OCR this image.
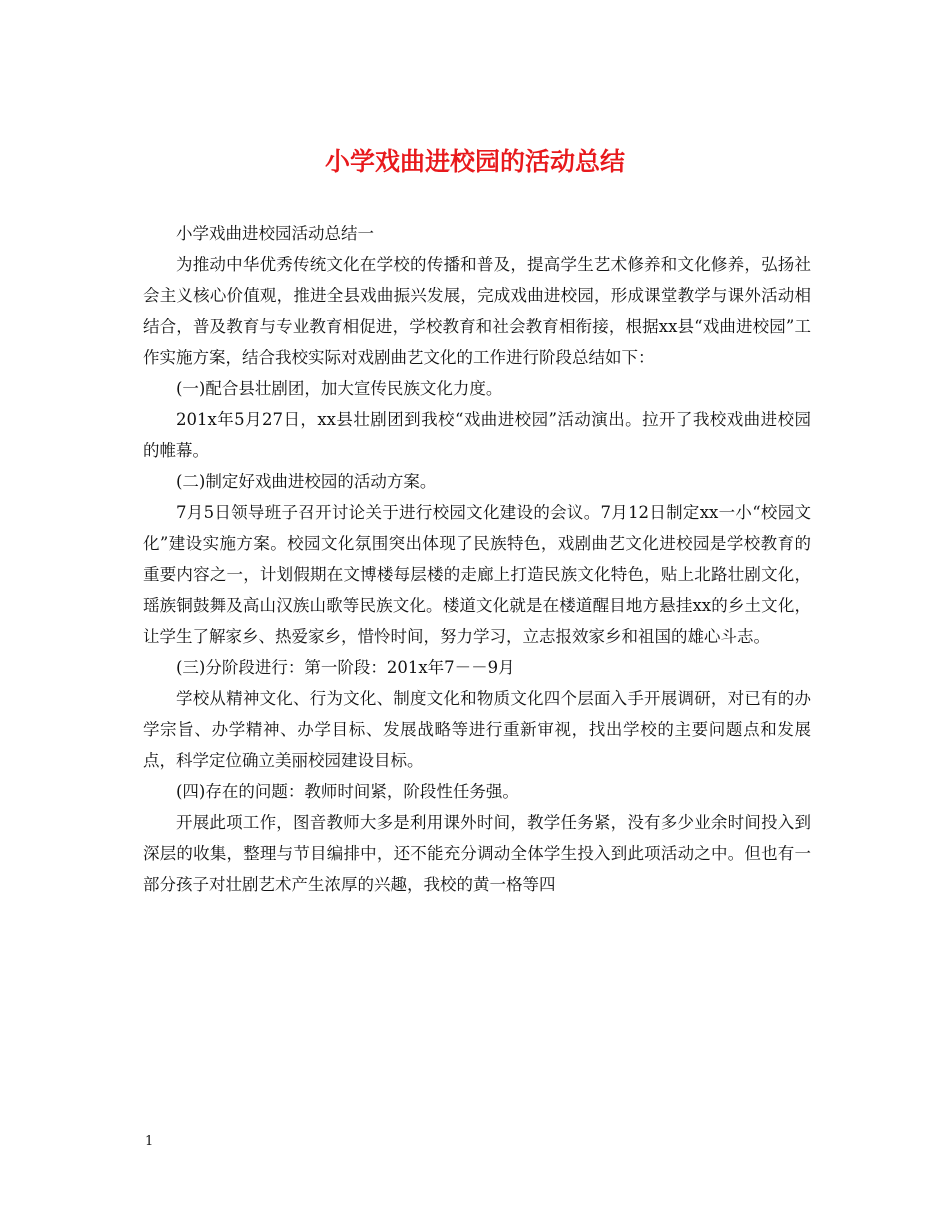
小学戏曲进校园的活动总结

小学戏曲进校园活动总结一

为推动中华优秀传统文化在学校的传播和普及，提高学生艺术修养和文化修养，弘扬社会主义核心价值观，推进全县戏曲振兴发展，完成戏曲进校园，形成课堂教学与课外活动相结合，普及教育与专业教育相促进，学校教育和社会教育相衔接，根据xx县“戏曲进校园”工作实施方案，结合我校实际对戏剧曲艺文化的工作进行阶段总结如下：

(一)配合县壮剧团，加大宣传民族文化力度。

201x年5月27日，xx县壮剧团到我校“戏曲进校园”活动演出。拉开了我校戏曲进校园的帷幕。

(二)制定好戏曲进校园的活动方案。

7月5日领导班子召开讨论关于进行校园文化建设的会议。7月12日制定xx一小“校园文化”建设实施方案。校园文化氛围突出体现了民族特色，戏剧曲艺文化进校园是学校教育的重要内容之一，计划假期在文博楼每层楼的走廊上打造民族文化特色，贴上北路壮剧文化，瑶族铜鼓舞及高山汉族山歌等民族文化。楼道文化就是在楼道醒目地方悬挂xx的乡土文化，让学生了解家乡、热爱家乡，惜怜时间，努力学习，立志报效家乡和祖国的雄心斗志。

(三)分阶段进行：第一阶段：201x年7－－9月

学校从精神文化、行为文化、制度文化和物质文化四个层面入手开展调研，对已有的办学宗旨、办学精神、办学目标、发展战略等进行重新审视，找出学校的主要问题点和发展点，科学定位确立美丽校园建设目标。

(四)存在的问题：教师时间紧，阶段性任务强。

开展此项工作，图音教师大多是利用课外时间，教学任务紧，没有多少业余时间投入到深层的收集，整理与节目编排中，还不能充分调动全体学生投入到此项活动之中。但也有一部分孩子对壮剧艺术产生浓厚的兴趣，我校的黄一格等四

1
